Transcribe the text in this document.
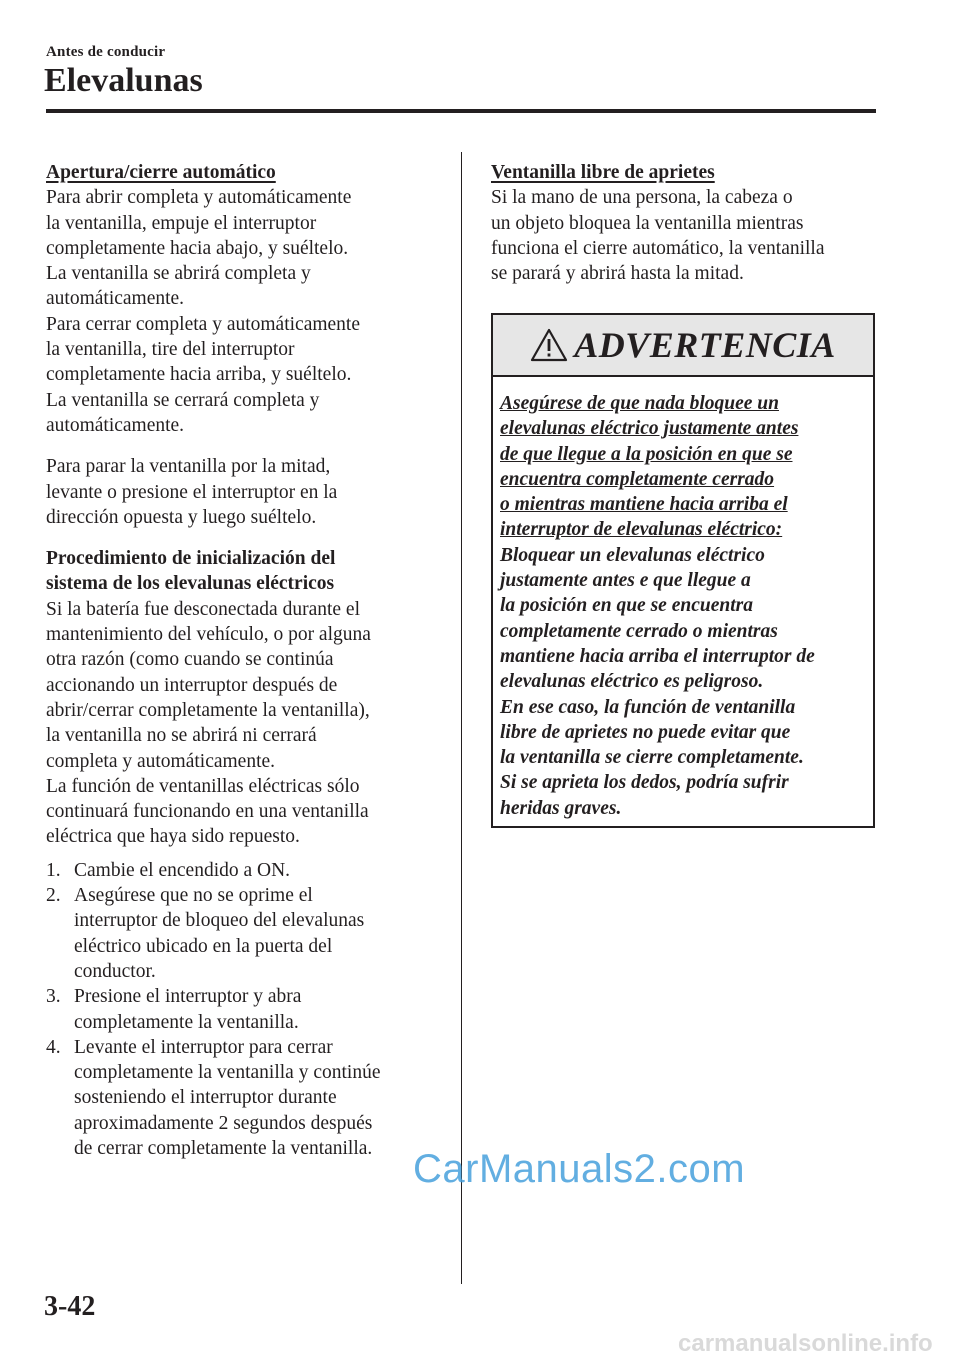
Antes de conducir
Elevalunas

Apertura/cierre automático

Para abrir completa y automáticamente
la ventanilla, empuje el interruptor
completamente hacia abajo, y suéltelo.
La ventanilla se abrirá completa y
automáticamente.
Para cerrar completa y automáticamente
la ventanilla, tire del interruptor
completamente hacia arriba, y suéltelo.
La ventanilla se cerrará completa y
automáticamente.

Para parar la ventanilla por la mitad,
levante o presione el interruptor en la
dirección opuesta y luego suéltelo.

Procedimiento de inicialización del
sistema de los elevalunas eléctricos

Si la batería fue desconectada durante el
mantenimiento del vehículo, o por alguna
otra razón (como cuando se continúa
accionando un interruptor después de
abrir/cerrar completamente la ventanilla),
la ventanilla no se abrirá ni cerrará
completa y automáticamente.
La función de ventanillas eléctricas sólo
continuará funcionando en una ventanilla
eléctrica que haya sido repuesto.

1. Cambie el encendido a ON.
2. Asegúrese que no se oprime el
interruptor de bloqueo del elevalunas
eléctrico ubicado en la puerta del
conductor.
3. Presione el interruptor y abra
completamente la ventanilla.
4. Levante el interruptor para cerrar
completamente la ventanilla y continúe
sosteniendo el interruptor durante
aproximadamente 2 segundos después
de cerrar completamente la ventanilla.

Ventanilla libre de aprietes

Si la mano de una persona, la cabeza o
un objeto bloquea la ventanilla mientras
funciona el cierre automático, la ventanilla
se parará y abrirá hasta la mitad.

ADVERTENCIA
Asegúrese de que nada bloquee un
elevalunas eléctrico justamente antes
de que llegue a la posición en que se
encuentra completamente cerrado
o mientras mantiene hacia arriba el
interruptor de elevalunas eléctrico:
Bloquear un elevalunas eléctrico
justamente antes e que llegue a
la posición en que se encuentra
completamente cerrado o mientras
mantiene hacia arriba el interruptor de
elevalunas eléctrico es peligroso.
En ese caso, la función de ventanilla
libre de aprietes no puede evitar que
la ventanilla se cierre completamente.
Si se aprieta los dedos, podría sufrir
heridas graves.
CarManuals2.com
3-42
carmanualsonline.info
